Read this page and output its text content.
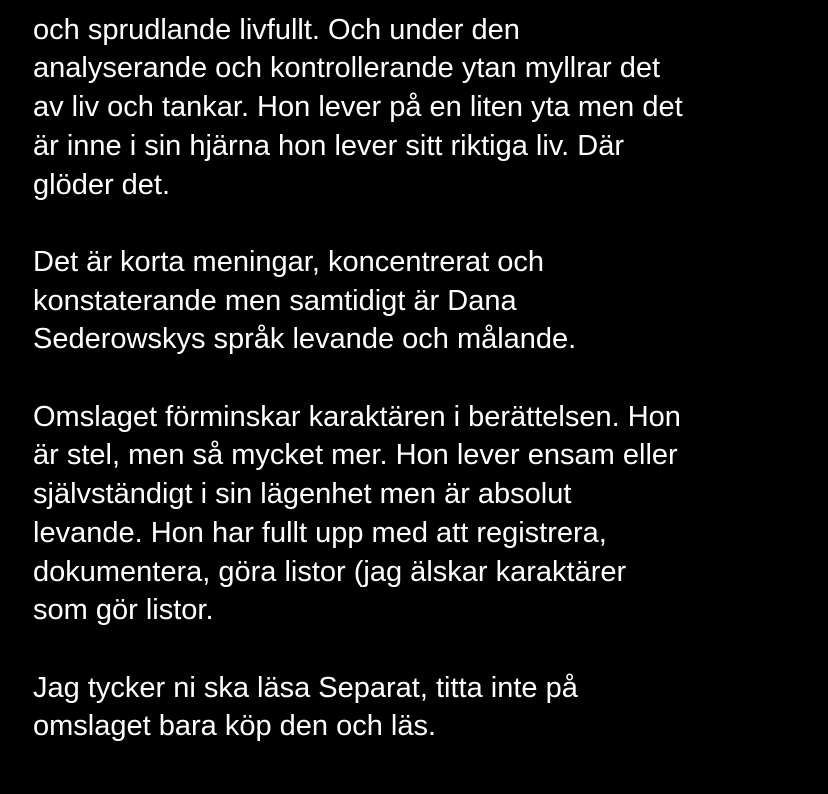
och sprudlande livfullt. Och under den
analyserande och kontrollerande ytan myllrar det
av liv och tankar. Hon lever på en liten yta men det
är inne i sin hjärna hon lever sitt riktiga liv. Där
glöder det.
Det är korta meningar, koncentrerat och
konstaterande men samtidigt är Dana
Sederowskys språk levande och målande.
Omslaget förminskar karaktären i berättelsen. Hon
är stel, men så mycket mer. Hon lever ensam eller
självständigt i sin lägenhet men är absolut
levande. Hon har fullt upp med att registrera,
dokumentera, göra listor (jag älskar karaktärer
som gör listor.
Jag tycker ni ska läsa Separat, titta inte på
omslaget bara köp den och läs.
